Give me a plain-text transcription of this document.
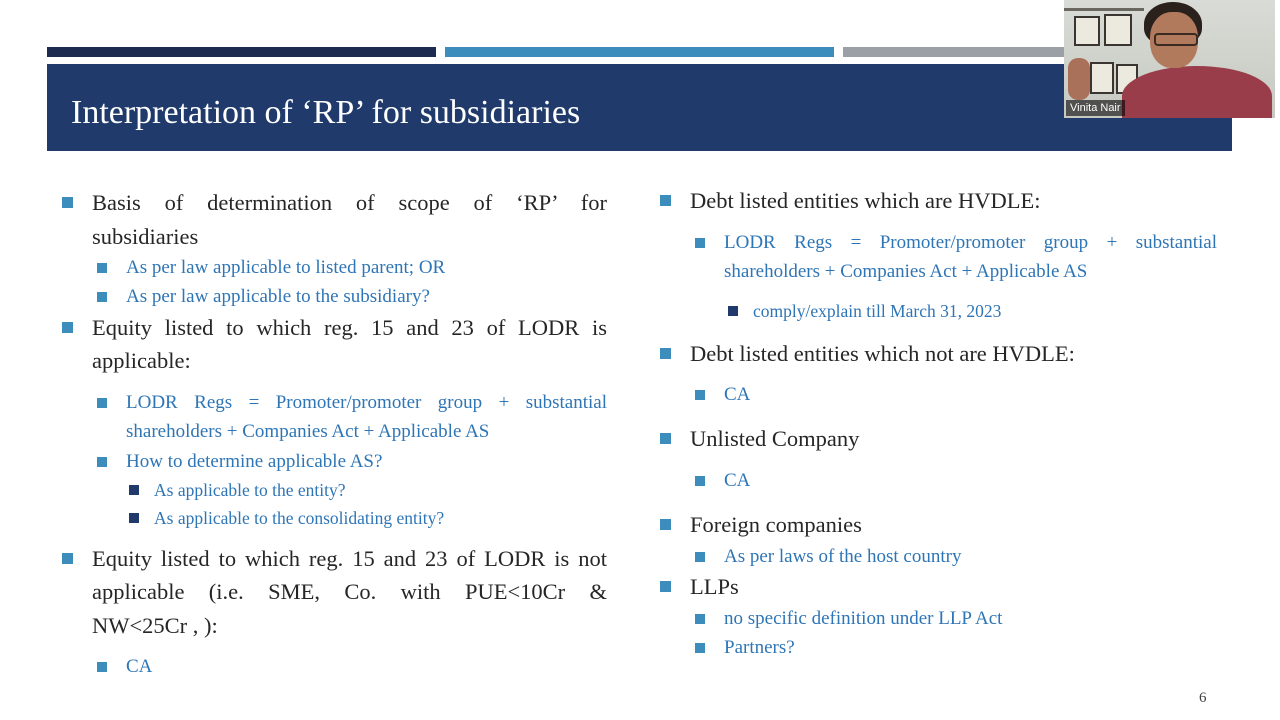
Interpretation of ‘RP’ for subsidiaries
Basis of determination of scope of ‘RP’ for
subsidiaries
As per law applicable to listed parent; OR
As per law applicable to the subsidiary?
Equity listed to which reg. 15 and 23 of LODR is
applicable:
LODR Regs = Promoter/promoter group + substantial
shareholders + Companies Act + Applicable AS
How to determine applicable AS?
As applicable to the entity?
As applicable to the consolidating entity?
Equity listed to which reg. 15 and 23 of LODR is not
applicable (i.e. SME, Co. with PUE<10Cr &
NW<25Cr , ):
CA
Debt listed entities which are HVDLE:
LODR Regs = Promoter/promoter group + substantial
shareholders + Companies Act + Applicable AS
comply/explain till March 31, 2023
Debt listed entities which not are HVDLE:
CA
Unlisted Company
CA
Foreign companies
As per laws of the host country
LLPs
no specific definition under LLP Act
Partners?
6
Vinita Nair
